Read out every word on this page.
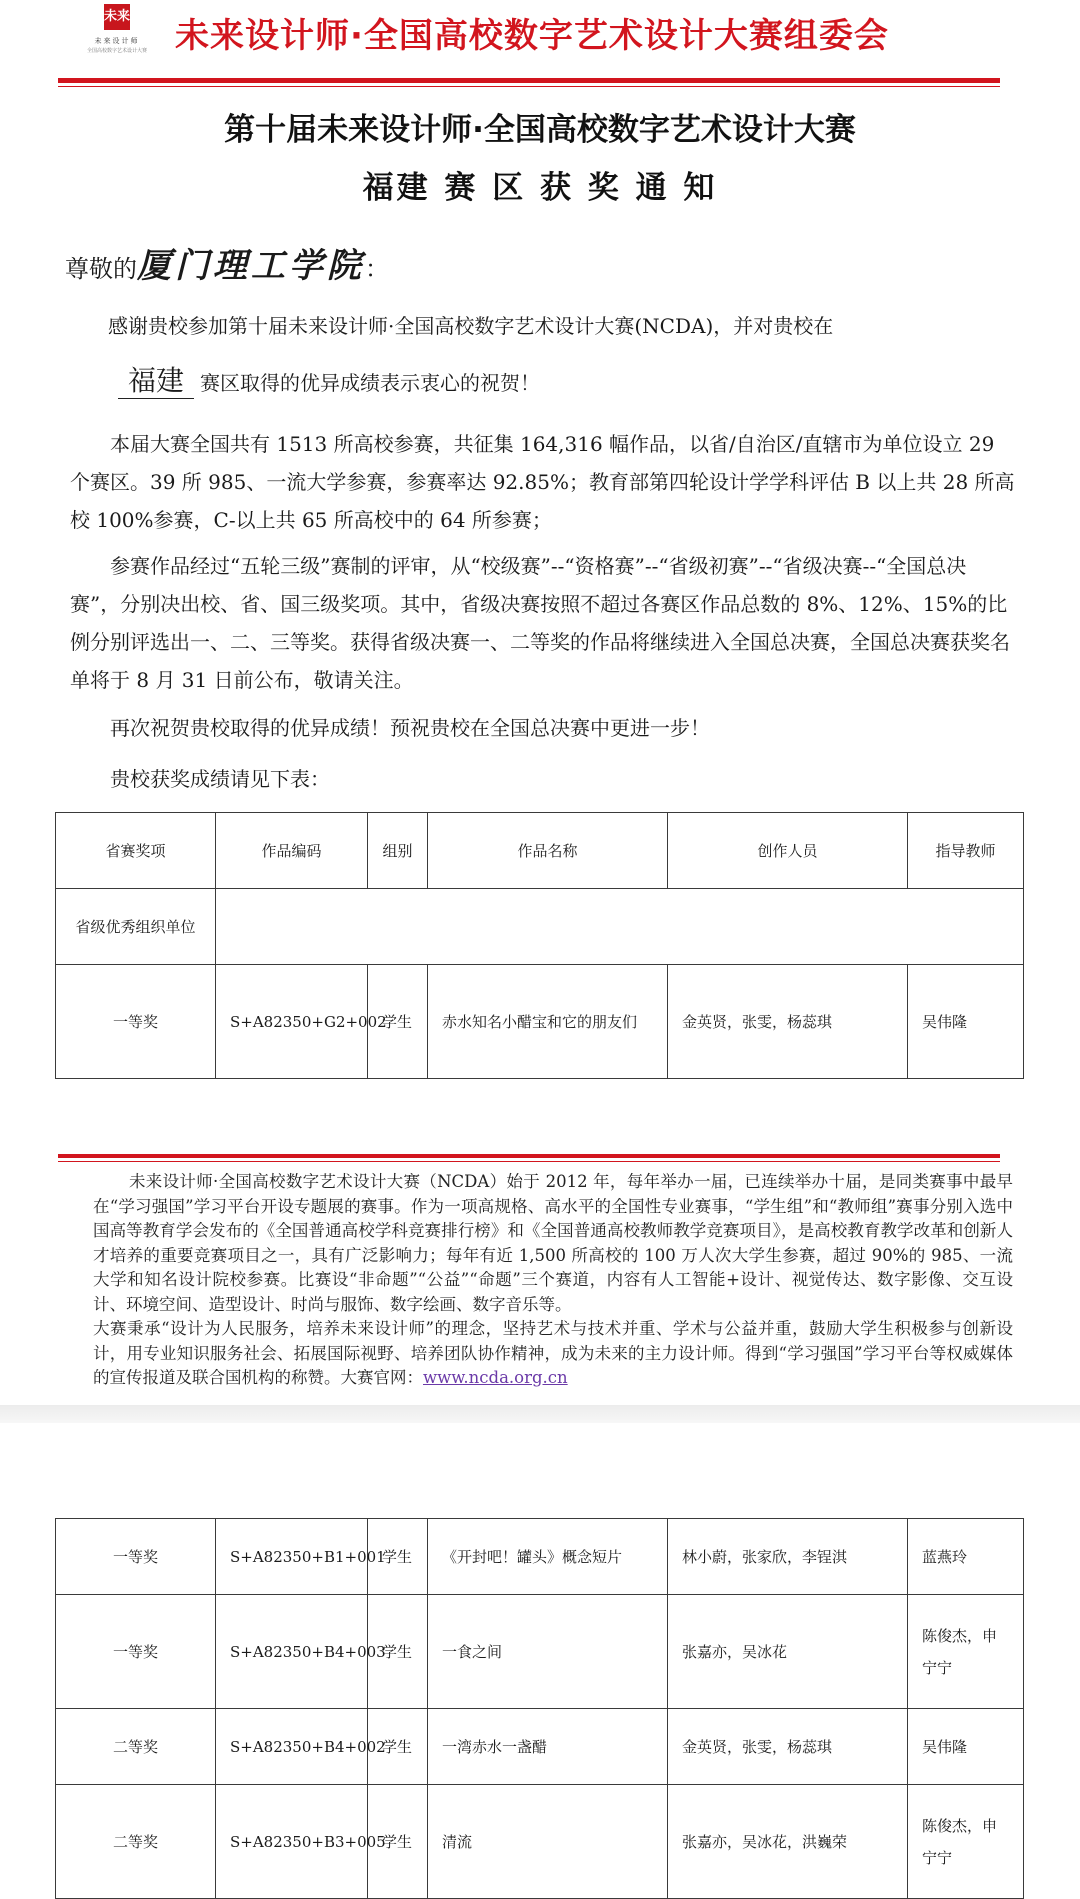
未来
未来设计师
全国高校数字艺术设计大赛 未来设计师·全国高校数字艺术设计大赛组委会
第十届未来设计师·全国高校数字艺术设计大赛
福建 赛 区 获 奖 通 知
尊敬的厦门理工学院：
感谢贵校参加第十届未来设计师·全国高校数字艺术设计大赛(NCDA)，并对贵校在
福建 赛区取得的优异成绩表示衷心的祝贺！
本届大赛全国共有 1513 所高校参赛，共征集 164,316 幅作品，以省/自治区/直辖市为单位设立 29 个赛区。39 所 985、一流大学参赛，参赛率达 92.85%；教育部第四轮设计学学科评估 B 以上共 28 所高校 100%参赛，C-以上共 65 所高校中的 64 所参赛；
参赛作品经过“五轮三级”赛制的评审，从“校级赛”--“资格赛”--“省级初赛”--“省级决赛--“全国总决赛”，分别决出校、省、国三级奖项。其中，省级决赛按照不超过各赛区作品总数的 8%、12%、15%的比例分别评选出一、二、三等奖。获得省级决赛一、二等奖的作品将继续进入全国总决赛，全国总决赛获奖名单将于 8 月 31 日前公布，敬请关注。
再次祝贺贵校取得的优异成绩！预祝贵校在全国总决赛中更进一步！
贵校获奖成绩请见下表：
省赛奖项	作品编码	组别	作品名称	创作人员	指导教师
省级优秀组织单位					
一等奖	S+A82350+G2+002	学生	赤水知名小醋宝和它的朋友们	金英贤，张雯，杨蕊琪	吴伟隆
未来设计师·全国高校数字艺术设计大赛（NCDA）始于 2012 年，每年举办一届，已连续举办十届，是同类赛事中最早在“学习强国”学习平台开设专题展的赛事。作为一项高规格、高水平的全国性专业赛事，“学生组”和“教师组”赛事分别入选中国高等教育学会发布的《全国普通高校学科竞赛排行榜》和《全国普通高校教师教学竞赛项目》，是高校教育教学改革和创新人才培养的重要竞赛项目之一，具有广泛影响力；每年有近 1,500 所高校的 100 万人次大学生参赛，超过 90%的 985、一流大学和知名设计院校参赛。比赛设“非命题”“公益”“命题”三个赛道，内容有人工智能+设计、视觉传达、数字影像、交互设计、环境空间、造型设计、时尚与服饰、数字绘画、数字音乐等。
大赛秉承“设计为人民服务，培养未来设计师”的理念，坚持艺术与技术并重、学术与公益并重，鼓励大学生积极参与创新设计，用专业知识服务社会、拓展国际视野、培养团队协作精神，成为未来的主力设计师。得到“学习强国”学习平台等权威媒体的宣传报道及联合国机构的称赞。大赛官网：www.ncda.org.cn
一等奖	S+A82350+B1+001	学生	《开封吧！罐头》概念短片	林小蔚，张家欣，李锃淇	蓝燕玲
一等奖	S+A82350+B4+003	学生	一食之间	张嘉亦，吴冰花	陈俊杰，申宁宁
二等奖	S+A82350+B4+002	学生	一湾赤水一盏醋	金英贤，张雯，杨蕊琪	吴伟隆
二等奖	S+A82350+B3+005	学生	清流	张嘉亦，吴冰花，洪巍荣	陈俊杰，申宁宁
